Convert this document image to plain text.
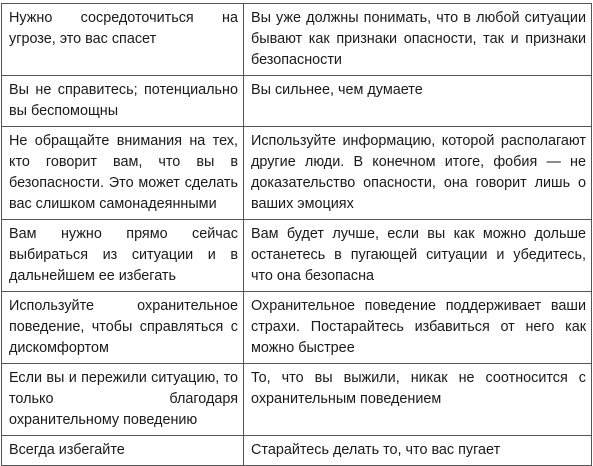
Нужно сосредоточиться на угрозе, это вас спасет	Вы уже должны понимать, что в любой ситуации бывают как признаки опасности, так и признаки безопасности
Вы не справитесь; потенциально вы беспомощны	Вы сильнее, чем думаете
Не обращайте внимания на тех, кто говорит вам, что вы в безопасности. Это может сделать вас слишком самонадеянными	Используйте информацию, которой располагают другие люди. В конечном итоге, фобия — не доказательство опасности, она говорит лишь о ваших эмоциях
Вам нужно прямо сейчас выбираться из ситуации и в дальнейшем ее избегать	Вам будет лучше, если вы как можно дольше останетесь в пугающей ситуации и убедитесь, что она безопасна
Используйте охранительное поведение, чтобы справляться с дискомфортом	Охранительное поведение поддерживает ваши страхи. Постарайтесь избавиться от него как можно быстрее
Если вы и пережили ситуацию, то только благодаря охранительному поведению	То, что вы выжили, никак не соотносится с охранительным поведением
Всегда избегайте	Старайтесь делать то, что вас пугает
